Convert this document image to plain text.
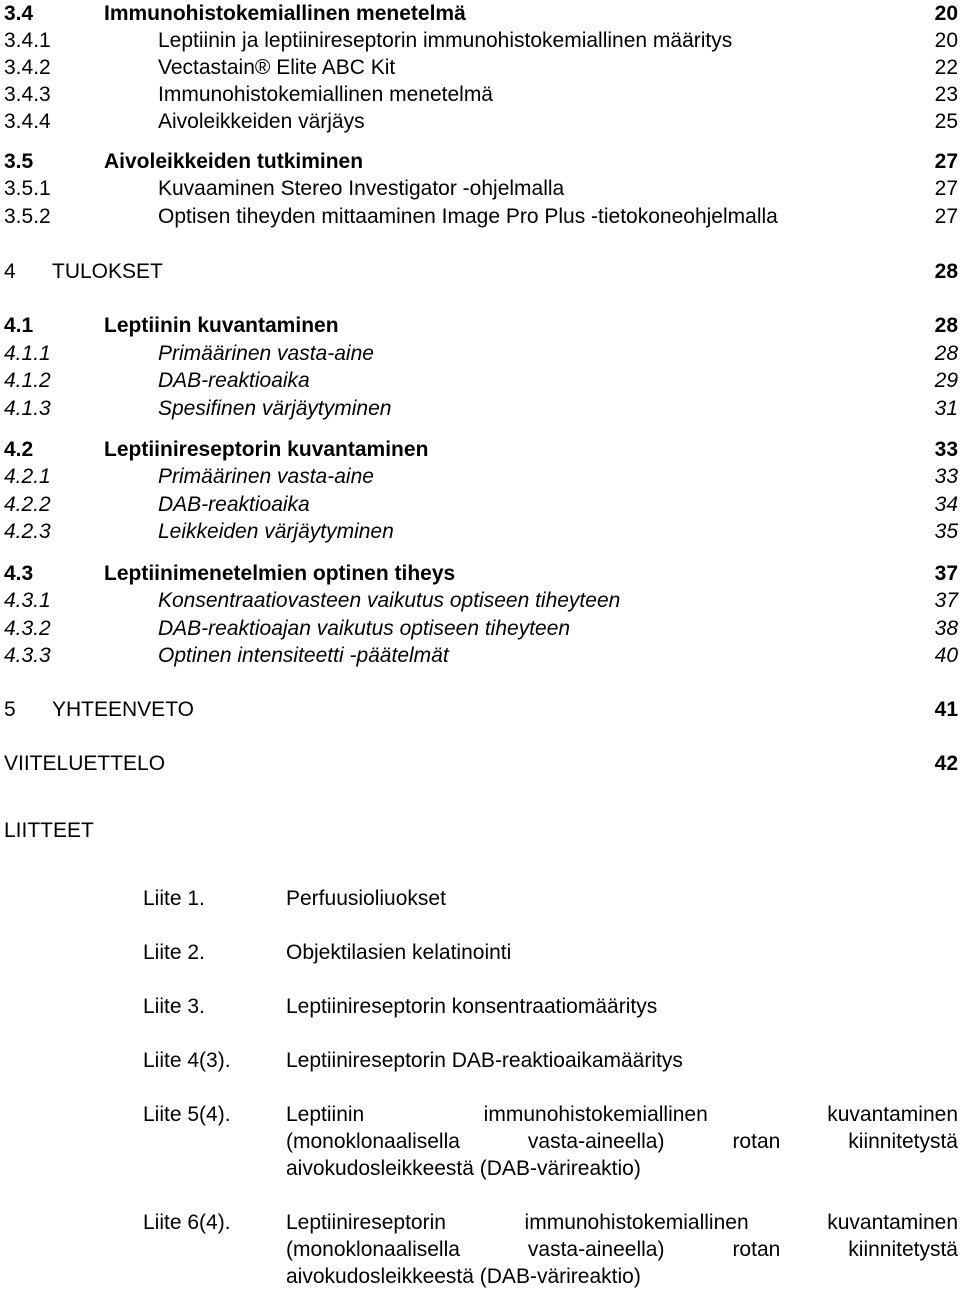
3.4	Immunohistokemiallinen menetelmä	20
3.4.1	Leptiinin ja leptiinireseptorin immunohistokemiallinen määritys	20
3.4.2	Vectastain® Elite ABC Kit	22
3.4.3	Immunohistokemiallinen menetelmä	23
3.4.4	Aivoleikkeiden värjäys	25
3.5	Aivoleikkeiden tutkiminen	27
3.5.1	Kuvaaminen Stereo Investigator -ohjelmalla	27
3.5.2	Optisen tiheyden mittaaminen Image Pro Plus -tietokoneohjelmalla	27
4 TULOKSET	28
4.1	Leptiinin kuvantaminen	28
4.1.1	Primäärinen vasta-aine	28
4.1.2	DAB-reaktioaika	29
4.1.3	Spesifinen värjäytyminen	31
4.2	Leptiinireseptorin kuvantaminen	33
4.2.1	Primäärinen vasta-aine	33
4.2.2	DAB-reaktioaika	34
4.2.3	Leikkeiden värjäytyminen	35
4.3	Leptiinimenetelmien optinen tiheys	37
4.3.1	Konsentraatiovasteen vaikutus optiseen tiheyteen	37
4.3.2	DAB-reaktioajan vaikutus optiseen tiheyteen	38
4.3.3	Optinen intensiteetti -päätelmät	40
5 YHTEENVETO	41
VIITELUETTELO	42
LIITTEET
Liite 1.	Perfuusioliuokset
Liite 2.	Objektilasien kelatinointi
Liite 3.	Leptiinireseptorin konsentraatiomääritys
Liite 4(3).	Leptiinireseptorin DAB-reaktioaikamääritys
Liite 5(4).	Leptiinin immunohistokemiallinen kuvantaminen
(monoklonaalisella vasta-aineella) rotan kiinnitetystä
aivokudosleikkeestä (DAB-värireaktio)
Liite 6(4).	Leptiinireseptorin immunohistokemiallinen kuvantaminen
(monoklonaalisella vasta-aineella) rotan kiinnitetystä
aivokudosleikkeestä (DAB-värireaktio)
